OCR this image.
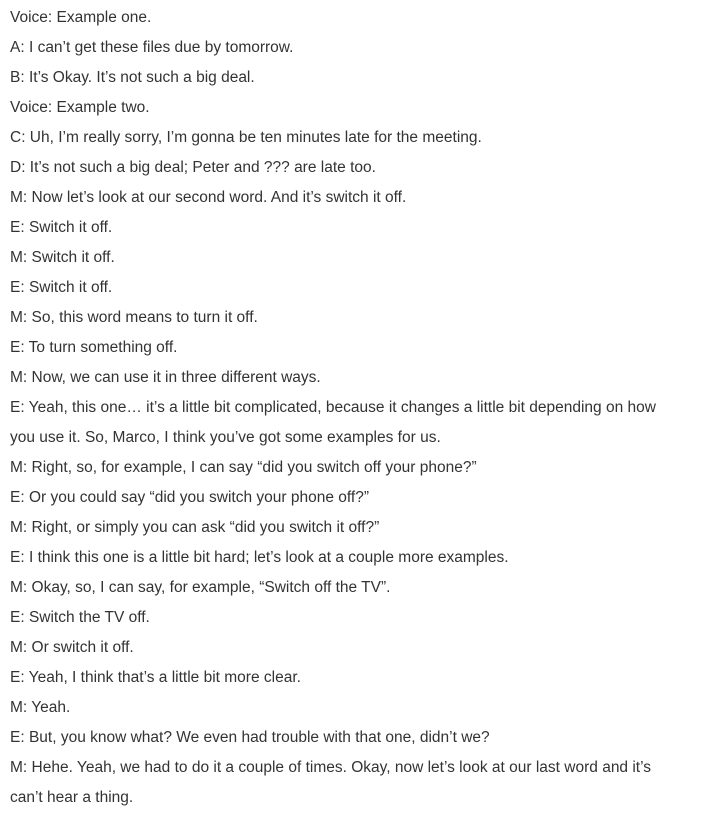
Voice: Example one.

A: I can’t get these files due by tomorrow.

B: It’s Okay. It’s not such a big deal.

Voice: Example two.

C: Uh, I’m really sorry, I’m gonna be ten minutes late for the meeting.

D: It’s not such a big deal; Peter and ??? are late too.

M: Now let’s look at our second word. And it’s switch it off.

E: Switch it off.

M: Switch it off.

E: Switch it off.

M: So, this word means to turn it off.

E: To turn something off.

M: Now, we can use it in three different ways.

E: Yeah, this one… it’s a little bit complicated, because it changes a little bit depending on how you use it. So, Marco, I think you’ve got some examples for us.

M: Right, so, for example, I can say “did you switch off your phone?”

E: Or you could say “did you switch your phone off?”

M: Right, or simply you can ask “did you switch it off?”

E: I think this one is a little bit hard; let’s look at a couple more examples.

M: Okay, so, I can say, for example, “Switch off the TV”.

E: Switch the TV off.

M: Or switch it off.

E: Yeah, I think that’s a little bit more clear.

M: Yeah.

E: But, you know what? We even had trouble with that one, didn’t we?

M: Hehe. Yeah, we had to do it a couple of times. Okay, now let’s look at our last word and it’s can’t hear a thing.
